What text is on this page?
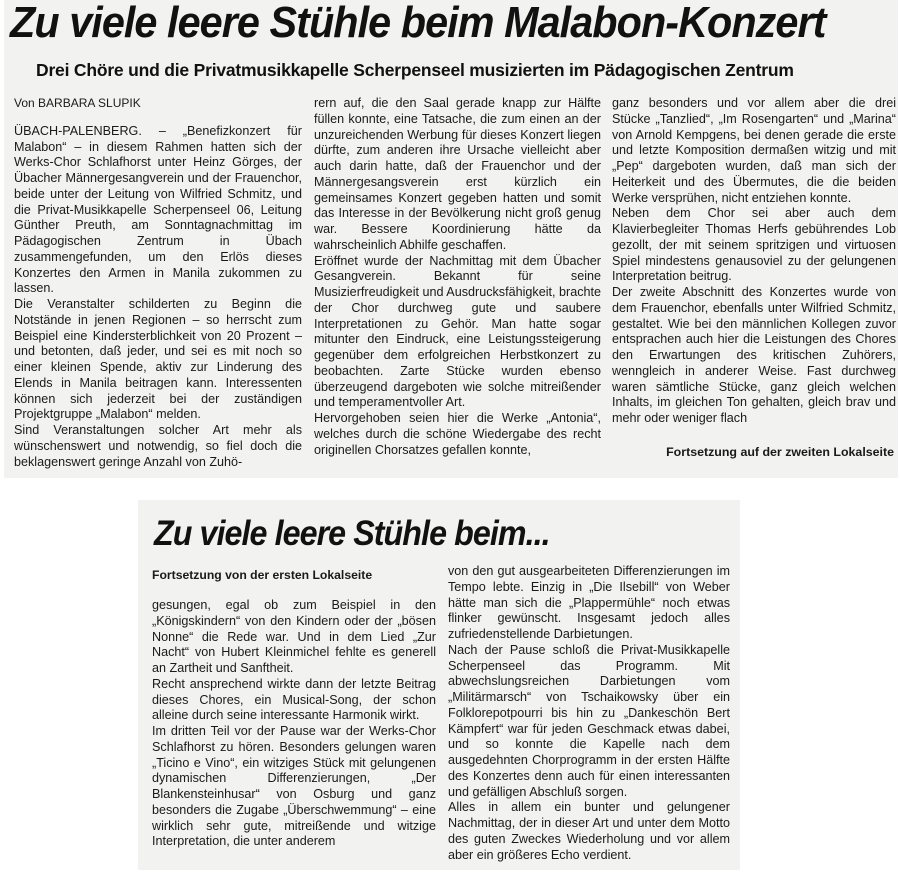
Zu viele leere Stühle beim Malabon-Konzert
Drei Chöre und die Privatmusikkapelle Scherpenseel musizierten im Pädagogischen Zentrum

Von BARBARA SLUPIK

ÜBACH-PALENBERG. – „Benefizkonzert für Malabon“ – in diesem Rahmen hatten sich der Werks-Chor Schlafhorst unter Heinz Görges, der Übacher Männergesangverein und der Frauenchor, beide unter der Leitung von Wilfried Schmitz, und die Privat-Musikkapelle Scherpenseel 06, Leitung Günther Preuth, am Sonntagnachmittag im Pädagogischen Zentrum in Übach zusammengefunden, um den Erlös dieses Konzertes den Armen in Manila zukommen zu lassen.

Die Veranstalter schilderten zu Beginn die Notstände in jenen Regionen – so herrscht zum Beispiel eine Kindersterblichkeit von 20 Prozent – und betonten, daß jeder, und sei es mit noch so einer kleinen Spende, aktiv zur Linderung des Elends in Manila beitragen kann. Interessenten können sich jederzeit bei der zuständigen Projektgruppe „Malabon“ melden.

Sind Veranstaltungen solcher Art mehr als wünschenswert und notwendig, so fiel doch die beklagenswert geringe Anzahl von Zuhö-

rern auf, die den Saal gerade knapp zur Hälfte füllen konnte, eine Tatsache, die zum einen an der unzureichenden Werbung für dieses Konzert liegen dürfte, zum anderen ihre Ursache vielleicht aber auch darin hatte, daß der Frauenchor und der Männergesangsverein erst kürzlich ein gemeinsames Konzert gegeben hatten und somit das Interesse in der Bevölkerung nicht groß genug war. Bessere Koordinierung hätte da wahrscheinlich Abhilfe geschaffen.

Eröffnet wurde der Nachmittag mit dem Übacher Gesangverein. Bekannt für seine Musizierfreudigkeit und Ausdrucksfähigkeit, brachte der Chor durchweg gute und saubere Interpretationen zu Gehör. Man hatte sogar mitunter den Eindruck, eine Leistungssteigerung gegenüber dem erfolgreichen Herbstkonzert zu beobachten. Zarte Stücke wurden ebenso überzeugend dargeboten wie solche mitreißender und temperamentvoller Art.

Hervorgehoben seien hier die Werke „Antonia“, welches durch die schöne Wiedergabe des recht originellen Chorsatzes gefallen konnte,

ganz besonders und vor allem aber die drei Stücke „Tanzlied“, „Im Rosengarten“ und „Marina“ von Arnold Kempgens, bei denen gerade die erste und letzte Komposition dermaßen witzig und mit „Pep“ dargeboten wurden, daß man sich der Heiterkeit und des Übermutes, die die beiden Werke versprühen, nicht entziehen konnte.

Neben dem Chor sei aber auch dem Klavierbegleiter Thomas Herfs gebührendes Lob gezollt, der mit seinem spritzigen und virtuosen Spiel mindestens genausoviel zu der gelungenen Interpretation beitrug.

Der zweite Abschnitt des Konzertes wurde von dem Frauenchor, ebenfalls unter Wilfried Schmitz, gestaltet. Wie bei den männlichen Kollegen zuvor entsprachen auch hier die Leistungen des Chores den Erwartungen des kritischen Zuhörers, wenngleich in anderer Weise. Fast durchweg waren sämtliche Stücke, ganz gleich welchen Inhalts, im gleichen Ton gehalten, gleich brav und mehr oder weniger flach

Fortsetzung auf der zweiten Lokalseite
Zu viele leere Stühle beim...
Fortsetzung von der ersten Lokalseite

gesungen, egal ob zum Beispiel in den „Königskindern“ von den Kindern oder der „bösen Nonne“ die Rede war. Und in dem Lied „Zur Nacht“ von Hubert Kleinmichel fehlte es generell an Zartheit und Sanftheit.

Recht ansprechend wirkte dann der letzte Beitrag dieses Chores, ein Musical-Song, der schon alleine durch seine interessante Harmonik wirkt.

Im dritten Teil vor der Pause war der Werks-Chor Schlafhorst zu hören. Besonders gelungen waren „Ticino e Vino“, ein witziges Stück mit gelungenen dynamischen Differenzierungen, „Der Blankensteinhusar“ von Osburg und ganz besonders die Zugabe „Überschwemmung“ – eine wirklich sehr gute, mitreißende und witzige Interpretation, die unter anderem

von den gut ausgearbeiteten Differenzierungen im Tempo lebte. Einzig in „Die Ilsebill“ von Weber hätte man sich die „Plappermühle“ noch etwas flinker gewünscht. Insgesamt jedoch alles zufriedenstellende Darbietungen.

Nach der Pause schloß die Privat-Musikkapelle Scherpenseel das Programm. Mit abwechslungsreichen Darbietungen vom „Militärmarsch“ von Tschaikowsky über ein Folklorepotpourri bis hin zu „Dankeschön Bert Kämpfert“ war für jeden Geschmack etwas dabei, und so konnte die Kapelle nach dem ausgedehnten Chorprogramm in der ersten Hälfte des Konzertes denn auch für einen interessanten und gefälligen Abschluß sorgen.

Alles in allem ein bunter und gelungener Nachmittag, der in dieser Art und unter dem Motto des guten Zweckes Wiederholung und vor allem aber ein größeres Echo verdient.
